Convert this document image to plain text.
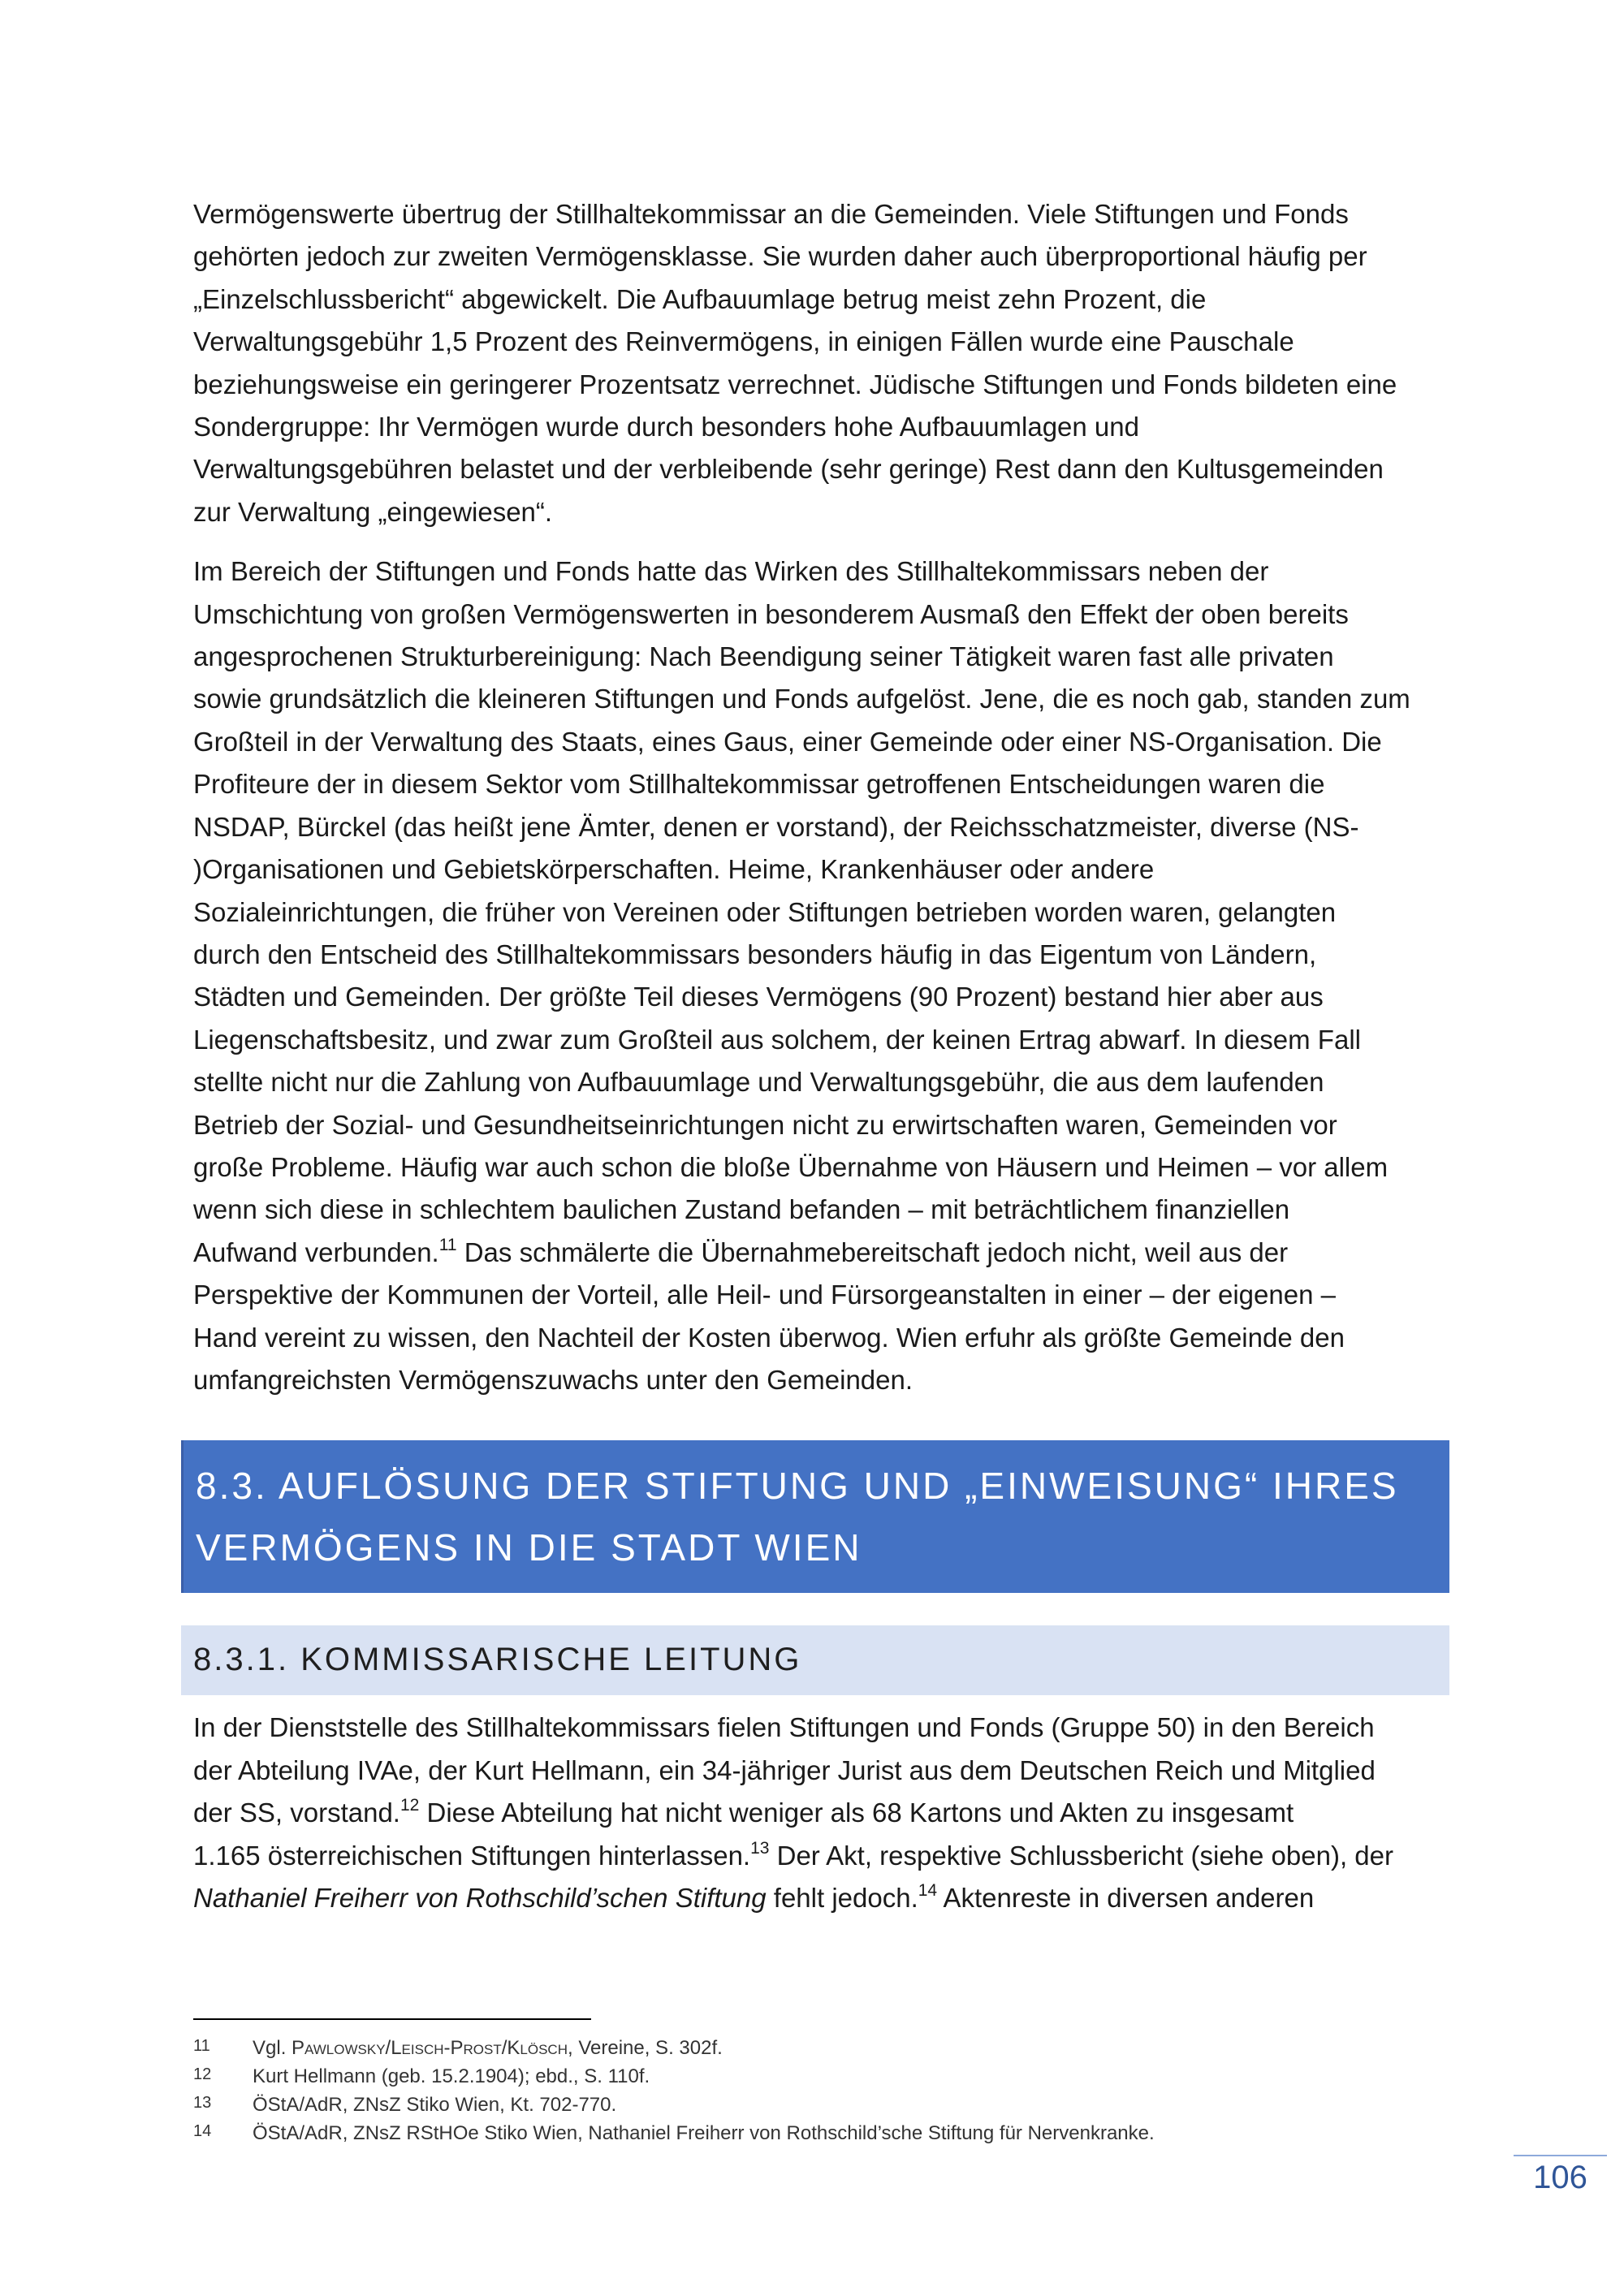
Vermögenswerte übertrug der Stillhaltekommissar an die Gemeinden. Viele Stiftungen und Fonds
gehörten jedoch zur zweiten Vermögensklasse. Sie wurden daher auch überproportional häufig per
„Einzelschlussbericht“ abgewickelt. Die Aufbauumlage betrug meist zehn Prozent, die
Verwaltungsgebühr 1,5 Prozent des Reinvermögens, in einigen Fällen wurde eine Pauschale
beziehungsweise ein geringerer Prozentsatz verrechnet. Jüdische Stiftungen und Fonds bildeten eine
Sondergruppe: Ihr Vermögen wurde durch besonders hohe Aufbauumlagen und
Verwaltungsgebühren belastet und der verbleibende (sehr geringe) Rest dann den Kultusgemeinden
zur Verwaltung „eingewiesen“.
Im Bereich der Stiftungen und Fonds hatte das Wirken des Stillhaltekommissars neben der
Umschichtung von großen Vermögenswerten in besonderem Ausmaß den Effekt der oben bereits
angesprochenen Strukturbereinigung: Nach Beendigung seiner Tätigkeit waren fast alle privaten
sowie grundsätzlich die kleineren Stiftungen und Fonds aufgelöst. Jene, die es noch gab, standen zum
Großteil in der Verwaltung des Staats, eines Gaus, einer Gemeinde oder einer NS-Organisation. Die
Profiteure der in diesem Sektor vom Stillhaltekommissar getroffenen Entscheidungen waren die
NSDAP, Bürckel (das heißt jene Ämter, denen er vorstand), der Reichsschatzmeister, diverse (NS-
)Organisationen und Gebietskörperschaften. Heime, Krankenhäuser oder andere
Sozialeinrichtungen, die früher von Vereinen oder Stiftungen betrieben worden waren, gelangten
durch den Entscheid des Stillhaltekommissars besonders häufig in das Eigentum von Ländern,
Städten und Gemeinden. Der größte Teil dieses Vermögens (90 Prozent) bestand hier aber aus
Liegenschaftsbesitz, und zwar zum Großteil aus solchem, der keinen Ertrag abwarf. In diesem Fall
stellte nicht nur die Zahlung von Aufbauumlage und Verwaltungsgebühr, die aus dem laufenden
Betrieb der Sozial- und Gesundheitseinrichtungen nicht zu erwirtschaften waren, Gemeinden vor
große Probleme. Häufig war auch schon die bloße Übernahme von Häusern und Heimen – vor allem
wenn sich diese in schlechtem baulichen Zustand befanden – mit beträchtlichem finanziellen
Aufwand verbunden.$^{11}$ Das schmälerte die Übernahmebereitschaft jedoch nicht, weil aus der
Perspektive der Kommunen der Vorteil, alle Heil- und Fürsorgeanstalten in einer – der eigenen –
Hand vereint zu wissen, den Nachteil der Kosten überwog. Wien erfuhr als größte Gemeinde den
umfangreichsten Vermögenszuwachs unter den Gemeinden.
8.3. AUFLÖSUNG DER STIFTUNG UND „EINWEISUNG“ IHRES
VERMÖGENS IN DIE STADT WIEN
8.3.1. KOMMISSARISCHE LEITUNG
In der Dienststelle des Stillhaltekommissars fielen Stiftungen und Fonds (Gruppe 50) in den Bereich
der Abteilung IVAe, der Kurt Hellmann, ein 34-jähriger Jurist aus dem Deutschen Reich und Mitglied
der SS, vorstand.$^{12}$ Diese Abteilung hat nicht weniger als 68 Kartons und Akten zu insgesamt
1.165 österreichischen Stiftungen hinterlassen.$^{13}$ Der Akt, respektive Schlussbericht (siehe oben), der
Nathaniel Freiherr von Rothschild’schen Stiftung fehlt jedoch.$^{14}$ Aktenreste in diversen anderen
11 Vgl. Pawlowsky/Leisch-Prost/Klösch, Vereine, S. 302f.
12 Kurt Hellmann (geb. 15.2.1904); ebd., S. 110f.
13 ÖStA/AdR, ZNsZ Stiko Wien, Kt. 702-770.
14 ÖStA/AdR, ZNsZ RStHOe Stiko Wien, Nathaniel Freiherr von Rothschild’sche Stiftung für Nervenkranke.
106
